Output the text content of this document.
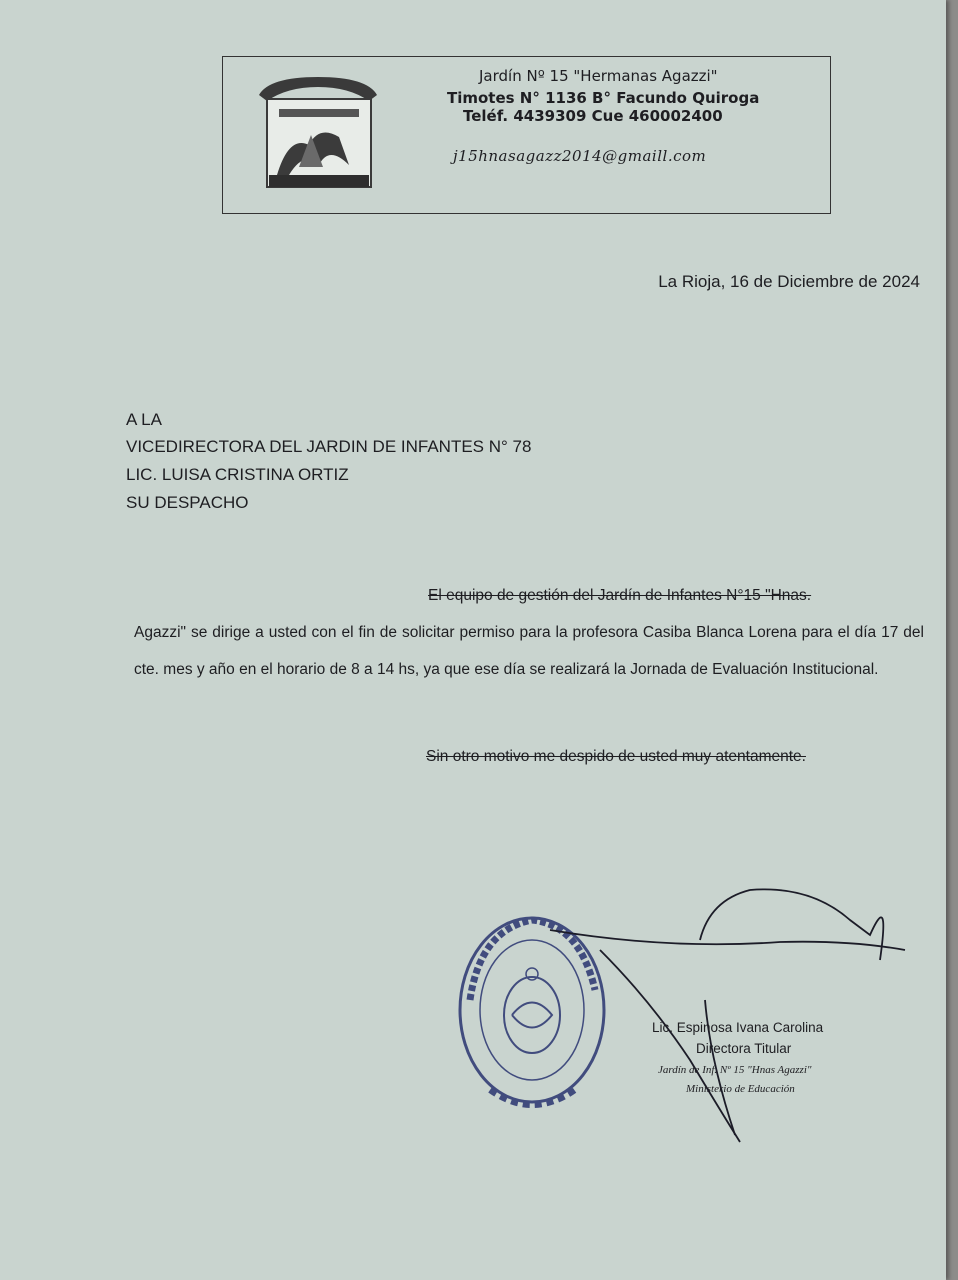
Jardín Nº 15 "Hermanas Agazzi"
Timotes N° 1136 B° Facundo Quiroga
Teléf. 4439309 Cue 460002400
j15hnasagazz2014@gmaill.com
La Rioja, 16 de Diciembre de 2024
A LA
VICEDIRECTORA DEL JARDIN DE INFANTES N° 78
LIC. LUISA CRISTINA ORTIZ
SU DESPACHO
El equipo de gestión del Jardín de Infantes N°15 "Hnas.
Agazzi" se dirige a usted con el fin de solicitar permiso para la profesora Casiba Blanca Lorena para el día 17 del cte. mes y año en el horario de 8 a 14 hs, ya que ese día se realizará la Jornada de Evaluación Institucional.
Sin otro motivo me despido de usted muy atentamente.
Lic. Espinosa Ivana Carolina
Directora Titular
Jardín de Inf. Nº 15 "Hnas Agazzi"
Ministerio de Educación
